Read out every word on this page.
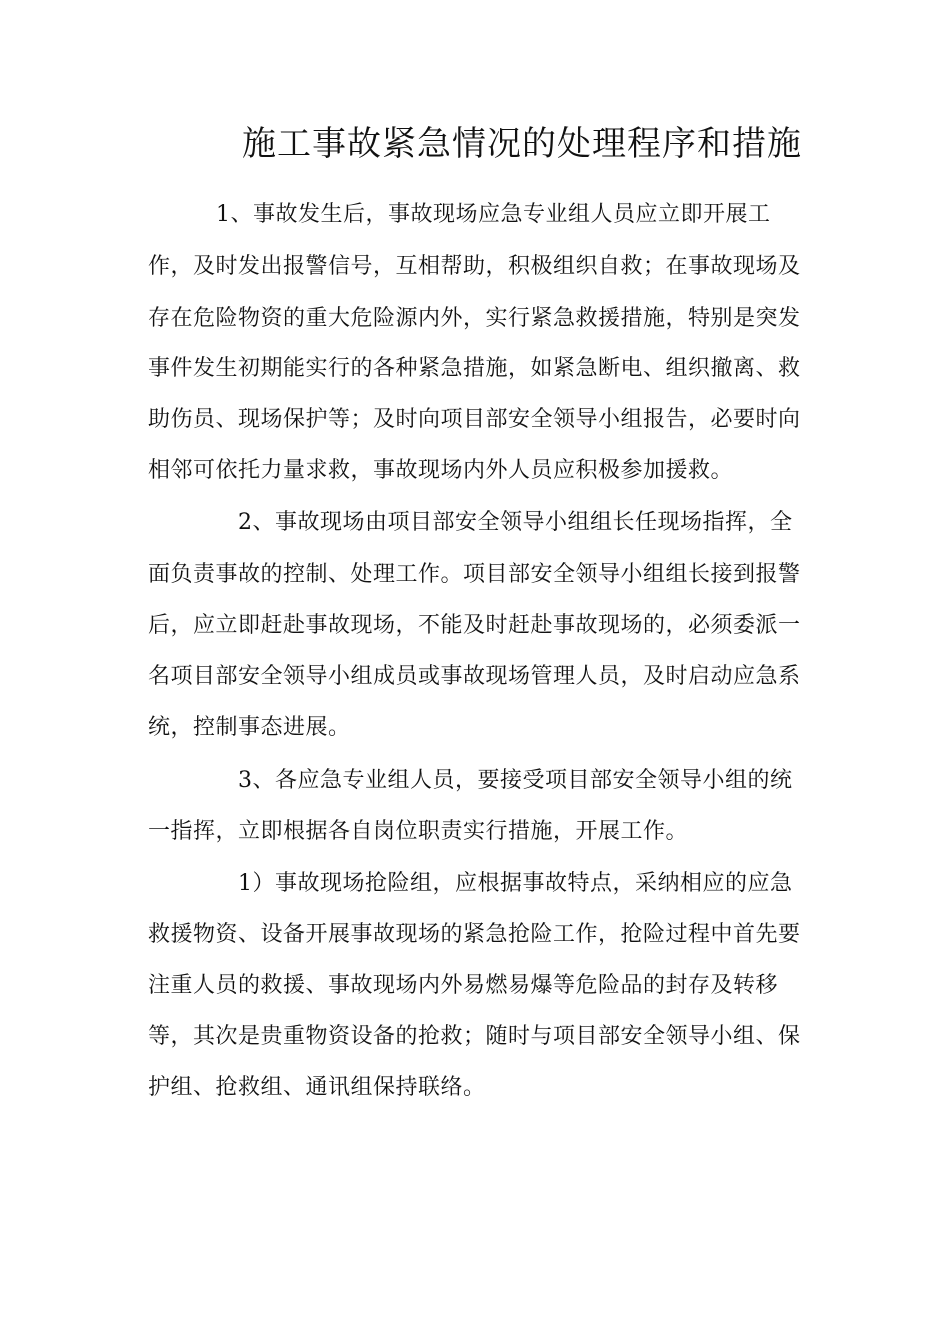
施工事故紧急情况的处理程序和措施
1、事故发生后，事故现场应急专业组人员应立即开展工
作，及时发出报警信号，互相帮助，积极组织自救；在事故现场及
存在危险物资的重大危险源内外，实行紧急救援措施，特别是突发
事件发生初期能实行的各种紧急措施，如紧急断电、组织撤离、救
助伤员、现场保护等；及时向项目部安全领导小组报告，必要时向
相邻可依托力量求救，事故现场内外人员应积极参加援救。
2、事故现场由项目部安全领导小组组长任现场指挥，全
面负责事故的控制、处理工作。项目部安全领导小组组长接到报警
后，应立即赶赴事故现场，不能及时赶赴事故现场的，必须委派一
名项目部安全领导小组成员或事故现场管理人员，及时启动应急系
统，控制事态进展。
3、各应急专业组人员，要接受项目部安全领导小组的统
一指挥，立即根据各自岗位职责实行措施，开展工作。
1）事故现场抢险组，应根据事故特点，采纳相应的应急
救援物资、设备开展事故现场的紧急抢险工作，抢险过程中首先要
注重人员的救援、事故现场内外易燃易爆等危险品的封存及转移
等，其次是贵重物资设备的抢救；随时与项目部安全领导小组、保
护组、抢救组、通讯组保持联络。
